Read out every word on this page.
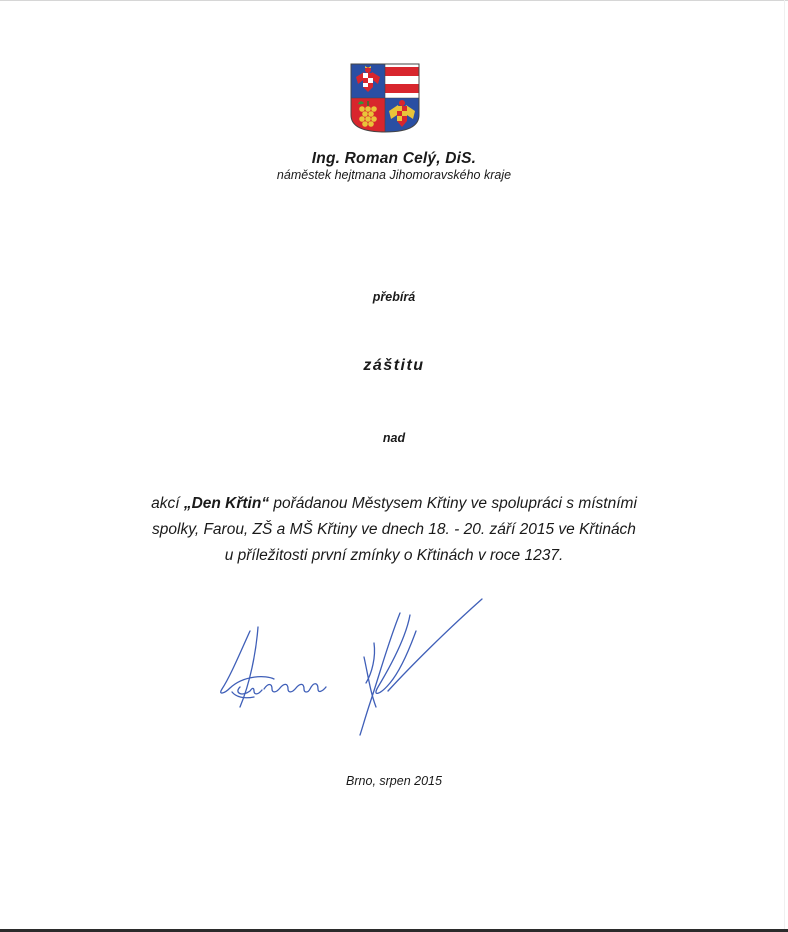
Ing. Roman Celý, DiS.
náměstek hejtmana Jihomoravského kraje
přebírá
záštitu
nad
akcí „Den Křtin“ pořádanou Městysem Křtiny ve spolupráci s místními
spolky, Farou, ZŠ a MŠ Křtiny ve dnech 18. - 20. září 2015 ve Křtinách
u příležitosti první zmínky o Křtinách v roce 1237.
Brno, srpen 2015
